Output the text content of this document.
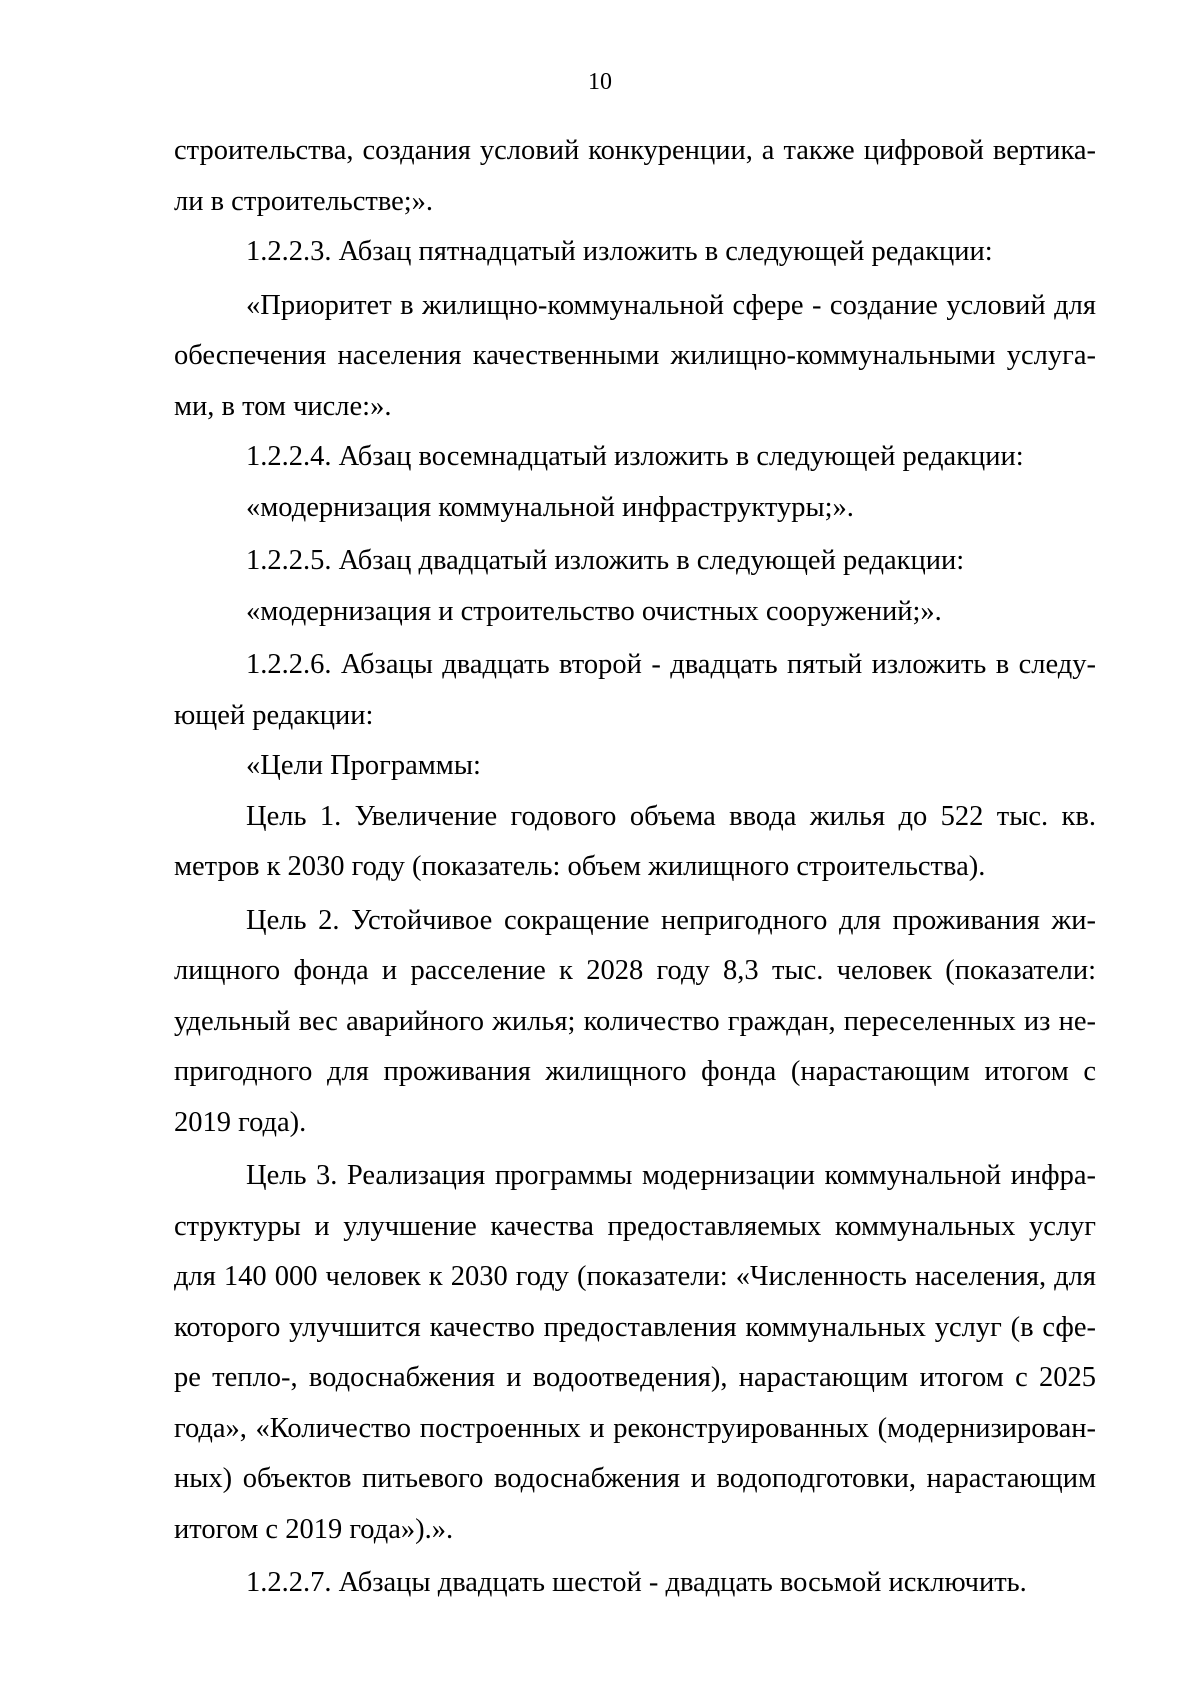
10
строительства, создания условий конкуренции, а также цифровой вертика-
ли в строительстве;».
1.2.2.3. Абзац пятнадцатый изложить в следующей редакции:
«Приоритет в жилищно-коммунальной сфере - создание условий для
обеспечения населения качественными жилищно-коммунальными услуга-
ми, в том числе:».
1.2.2.4. Абзац восемнадцатый изложить в следующей редакции:
«модернизация коммунальной инфраструктуры;».
1.2.2.5. Абзац двадцатый изложить в следующей редакции:
«модернизация и строительство очистных сооружений;».
1.2.2.6. Абзацы двадцать второй - двадцать пятый изложить в следу-
ющей редакции:
«Цели Программы:
Цель 1. Увеличение годового объема ввода жилья до 522 тыс. кв.
метров к 2030 году (показатель: объем жилищного строительства).
Цель 2. Устойчивое сокращение непригодного для проживания жи-
лищного фонда и расселение к 2028 году 8,3 тыс. человек (показатели:
удельный вес аварийного жилья; количество граждан, переселенных из не-
пригодного для проживания жилищного фонда (нарастающим итогом с
2019 года).
Цель 3. Реализация программы модернизации коммунальной инфра-
структуры и улучшение качества предоставляемых коммунальных услуг
для 140 000 человек к 2030 году (показатели: «Численность населения, для
которого улучшится качество предоставления коммунальных услуг (в сфе-
ре тепло-, водоснабжения и водоотведения), нарастающим итогом с 2025
года», «Количество построенных и реконструированных (модернизирован-
ных) объектов питьевого водоснабжения и водоподготовки, нарастающим
итогом с 2019 года»).».
1.2.2.7. Абзацы двадцать шестой - двадцать восьмой исключить.
